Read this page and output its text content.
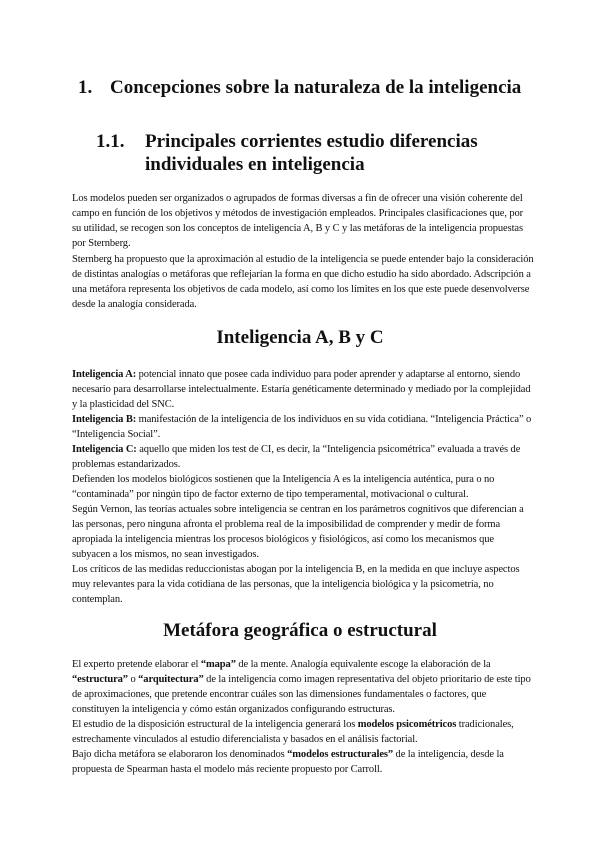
1. Concepciones sobre la naturaleza de la inteligencia
1.1. Principales corrientes estudio diferencias individuales en inteligencia

Los modelos pueden ser organizados o agrupados de formas diversas a fin de ofrecer una visión coherente del campo en función de los objetivos y métodos de investigación empleados. Principales clasificaciones que, por su utilidad, se recogen son los conceptos de inteligencia A, B y C y las metáforas de la inteligencia propuestas por Sternberg.

Sternberg ha propuesto que la aproximación al estudio de la inteligencia se puede entender bajo la consideración de distintas analogías o metáforas que reflejarían la forma en que dicho estudio ha sido abordado. Adscripción a una metáfora representa los objetivos de cada modelo, así como los límites en los que este puede desenvolverse desde la analogía considerada.

Inteligencia A, B y C

Inteligencia A: potencial innato que posee cada individuo para poder aprender y adaptarse al entorno, siendo necesario para desarrollarse intelectualmente. Estaría genéticamente determinado y mediado por la complejidad y la plasticidad del SNC.

Inteligencia B: manifestación de la inteligencia de los individuos en su vida cotidiana. “Inteligencia Práctica” o “Inteligencia Social”.

Inteligencia C: aquello que miden los test de CI, es decir, la “Inteligencia psicométrica” evaluada a través de problemas estandarizados.

Defienden los modelos biológicos sostienen que la Inteligencia A es la inteligencia auténtica, pura o no “contaminada” por ningún tipo de factor externo de tipo temperamental, motivacional o cultural.

Según Vernon, las teorías actuales sobre inteligencia se centran en los parámetros cognitivos que diferencian a las personas, pero ninguna afronta el problema real de la imposibilidad de comprender y medir de forma apropiada la inteligencia mientras los procesos biológicos y fisiológicos, así como los mecanismos que subyacen a los mismos, no sean investigados.

Los críticos de las medidas reduccionistas abogan por la inteligencia B, en la medida en que incluye aspectos muy relevantes para la vida cotidiana de las personas, que la inteligencia biológica y la psicometría, no contemplan.

Metáfora geográfica o estructural

El experto pretende elaborar el “mapa” de la mente. Analogía equivalente escoge la elaboración de la “estructura” o “arquitectura” de la inteligencia como imagen representativa del objeto prioritario de este tipo de aproximaciones, que pretende encontrar cuáles son las dimensiones fundamentales o factores, que constituyen la inteligencia y cómo están organizados configurando estructuras.

El estudio de la disposición estructural de la inteligencia generará los modelos psicométricos tradicionales, estrechamente vinculados al estudio diferencialista y basados en el análisis factorial.

Bajo dicha metáfora se elaboraron los denominados “modelos estructurales” de la inteligencia, desde la propuesta de Spearman hasta el modelo más reciente propuesto por Carroll.
